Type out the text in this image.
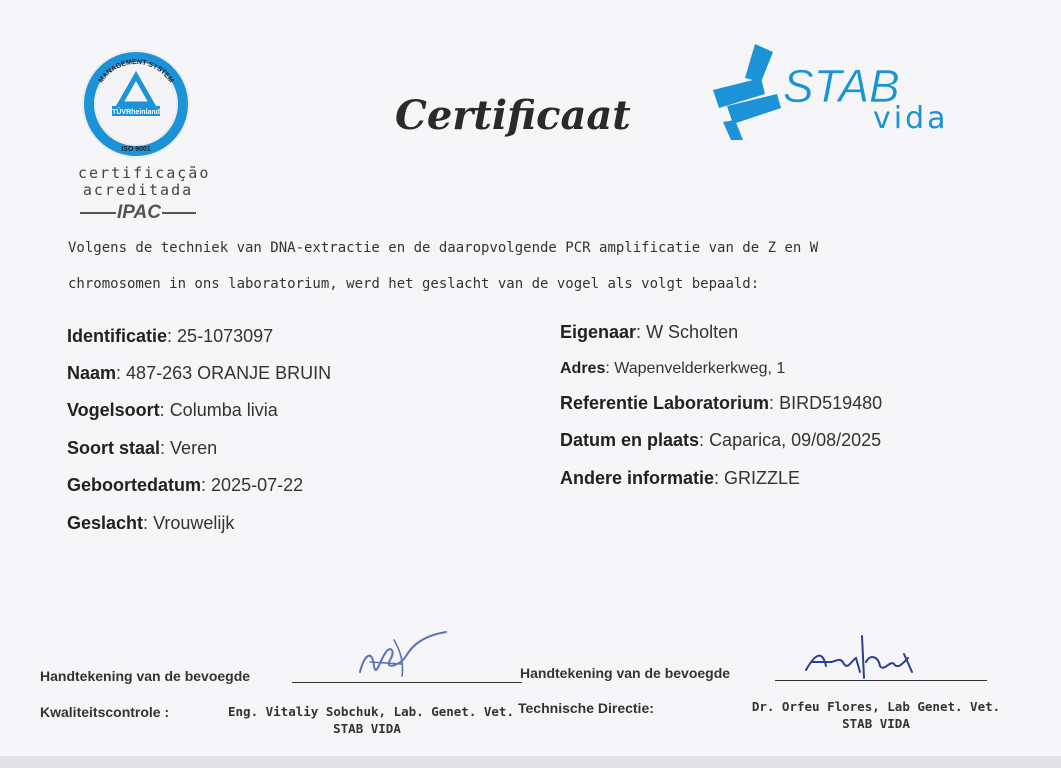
MANAGEMENT SYSTEM
TÜVRheinland
ISO 9001
certificação
acreditada
IPAC
STAB
vida
Certificaat
Volgens de techniek van DNA-extractie en de daaropvolgende PCR amplificatie van de Z en W
chromosomen in ons laboratorium, werd het geslacht van de vogel als volgt bepaald:
Identificatie: 25-1073097
Naam: 487-263 ORANJE BRUIN
Vogelsoort: Columba livia
Soort staal: Veren
Geboortedatum: 2025-07-22
Geslacht: Vrouwelijk
Eigenaar: W Scholten
Adres: Wapenvelderkerkweg, 1
Referentie Laboratorium: BIRD519480
Datum en plaats: Caparica, 09/08/2025
Andere informatie: GRIZZLE
Handtekening van de bevoegde
Kwaliteitscontrole :	Eng. Vitaliy Sobchuk, Lab. Genet. Vet.
STAB VIDA
Handtekening van de bevoegde
Technische Directie:	Dr. Orfeu Flores, Lab Genet. Vet.
STAB VIDA
